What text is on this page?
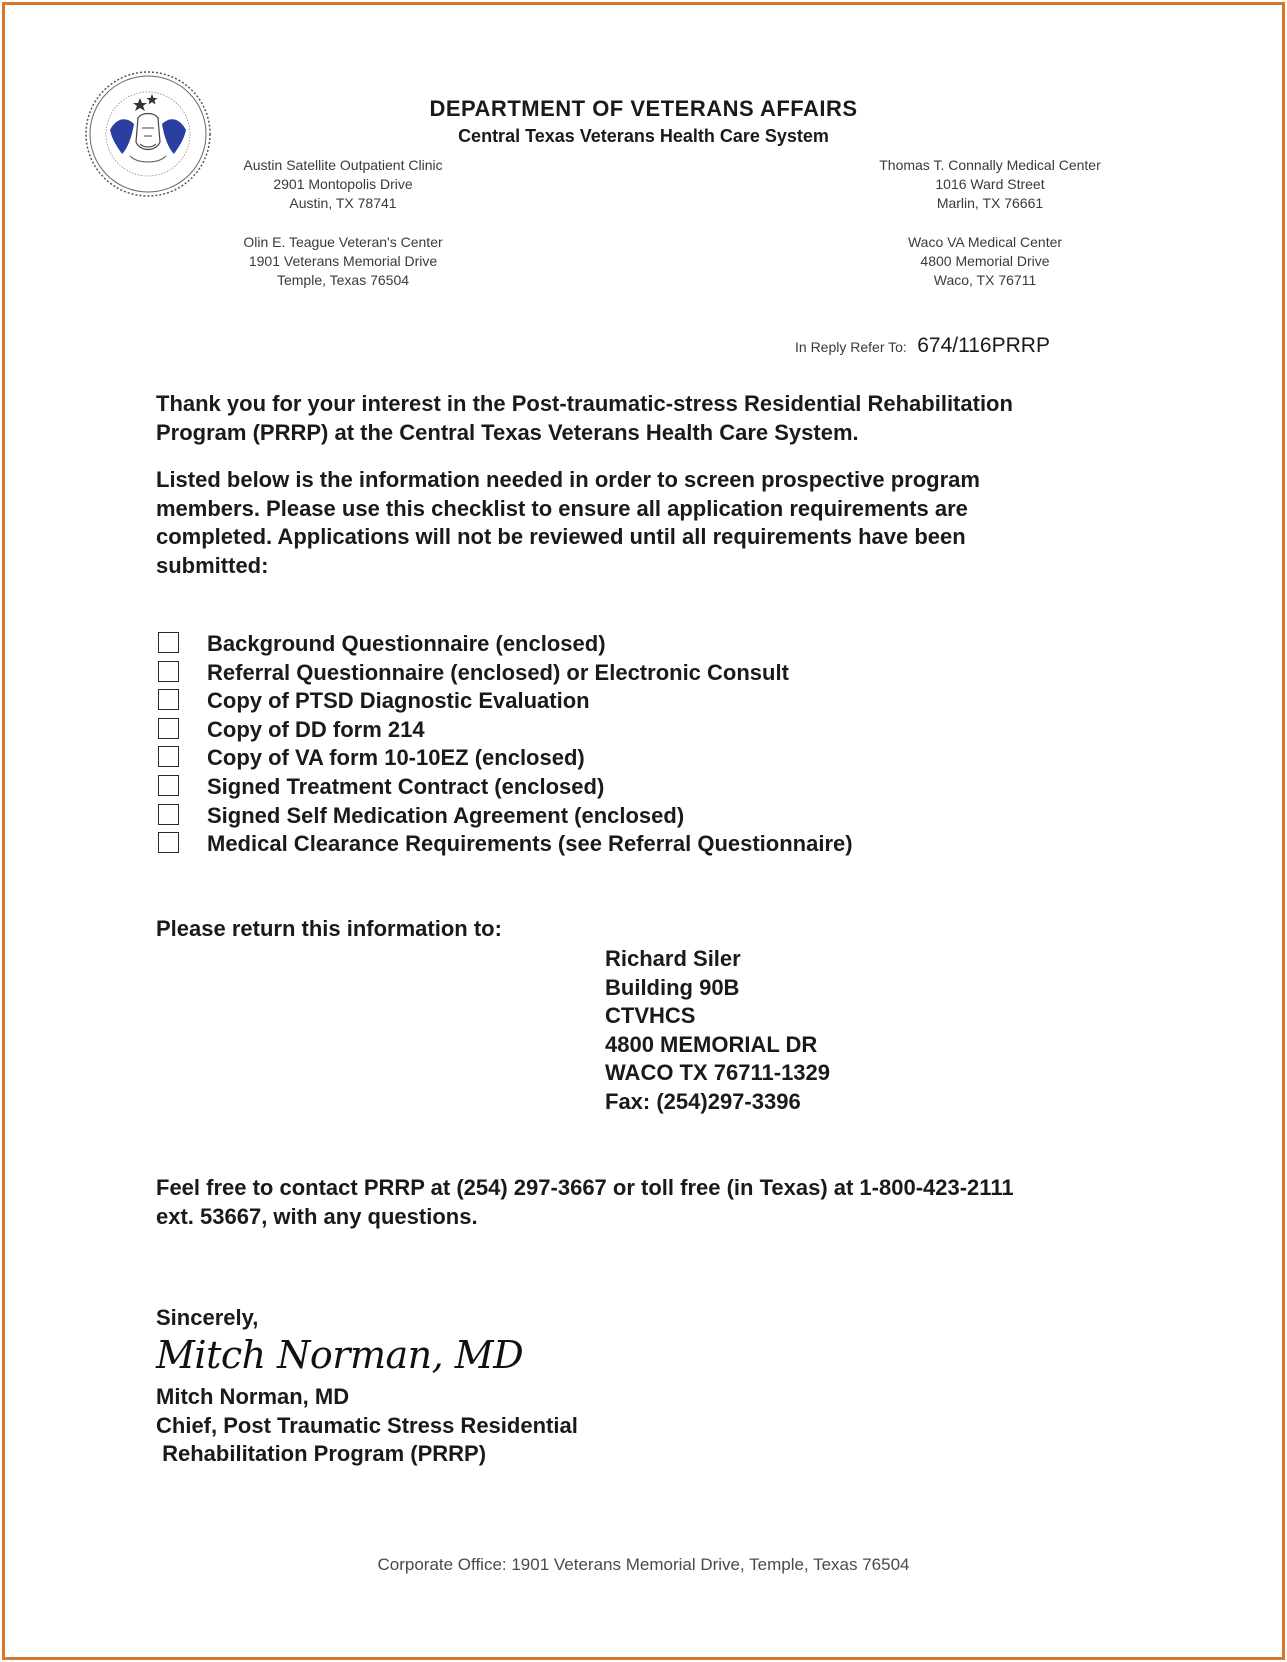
DEPARTMENT OF VETERANS AFFAIRS
Central Texas Veterans Health Care System
Austin Satellite Outpatient Clinic
2901 Montopolis Drive
Austin, TX 78741
Thomas T. Connally Medical Center
1016 Ward Street
Marlin, TX 76661
Olin E. Teague Veteran's Center
1901 Veterans Memorial Drive
Temple, Texas 76504
Waco VA Medical Center
4800 Memorial Drive
Waco, TX 76711
In Reply Refer To: 674/116PRRP
Thank you for your interest in the Post-traumatic-stress Residential Rehabilitation
Program (PRRP) at the Central Texas Veterans Health Care System.
Listed below is the information needed in order to screen prospective program
members. Please use this checklist to ensure all application requirements are
completed. Applications will not be reviewed until all requirements have been
submitted:
Background Questionnaire (enclosed)
Referral Questionnaire (enclosed) or Electronic Consult
Copy of PTSD Diagnostic Evaluation
Copy of DD form 214
Copy of VA form 10-10EZ (enclosed)
Signed Treatment Contract (enclosed)
Signed Self Medication Agreement (enclosed)
Medical Clearance Requirements (see Referral Questionnaire)
Please return this information to:
Richard Siler
Building 90B
CTVHCS
4800 MEMORIAL DR
WACO TX 76711-1329
Fax: (254)297-3396
Feel free to contact PRRP at (254) 297-3667 or toll free (in Texas) at 1-800-423-2111
ext. 53667, with any questions.
Sincerely,
Mitch Norman, MD
Mitch Norman, MD
Chief, Post Traumatic Stress Residential
Rehabilitation Program (PRRP)
Corporate Office: 1901 Veterans Memorial Drive, Temple, Texas 76504
